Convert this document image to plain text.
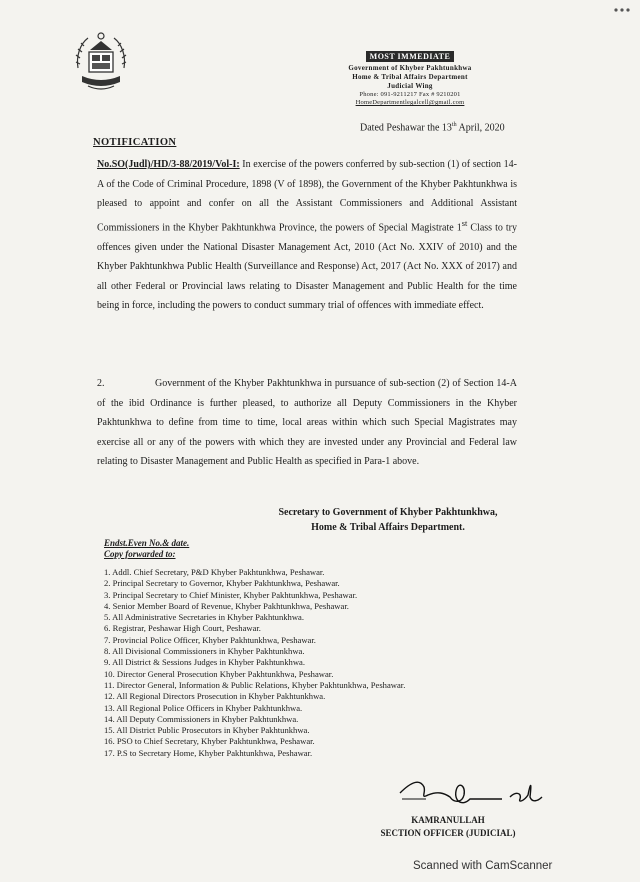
MOST IMMEDIATE
Government of Khyber Pakhtunkhwa
Home & Tribal Affairs Department
Judicial Wing
Phone: 091-9211217 Fax # 9210201
HomeDepartmentlegalcell@gmail.com
Dated Peshawar the 13th April, 2020
NOTIFICATION
No.SO(Judl)/HD/3-88/2019/Vol-I: In exercise of the powers conferred by sub-section (1) of section 14-A of the Code of Criminal Procedure, 1898 (V of 1898), the Government of the Khyber Pakhtunkhwa is pleased to appoint and confer on all the Assistant Commissioners and Additional Assistant Commissioners in the Khyber Pakhtunkhwa Province, the powers of Special Magistrate 1st Class to try offences given under the National Disaster Management Act, 2010 (Act No. XXIV of 2010) and the Khyber Pakhtunkhwa Public Health (Surveillance and Response) Act, 2017 (Act No. XXX of 2017) and all other Federal or Provincial laws relating to Disaster Management and Public Health for the time being in force, including the powers to conduct summary trial of offences with immediate effect.
2.	Government of the Khyber Pakhtunkhwa in pursuance of sub-section (2) of Section 14-A of the ibid Ordinance is further pleased, to authorize all Deputy Commissioners in the Khyber Pakhtunkhwa to define from time to time, local areas within which such Special Magistrates may exercise all or any of the powers with which they are invested under any Provincial and Federal law relating to Disaster Management and Public Health as specified in Para-1 above.
Secretary to Government of Khyber Pakhtunkhwa,
Home & Tribal Affairs Department.
Endst.Even No.& date.
Copy forwarded to:
1. Addl. Chief Secretary, P&D Khyber Pakhtunkhwa, Peshawar.
2. Principal Secretary to Governor, Khyber Pakhtunkhwa, Peshawar.
3. Principal Secretary to Chief Minister, Khyber Pakhtunkhwa, Peshawar.
4. Senior Member Board of Revenue, Khyber Pakhtunkhwa, Peshawar.
5. All Administrative Secretaries in Khyber Pakhtunkhwa.
6. Registrar, Peshawar High Court, Peshawar.
7. Provincial Police Officer, Khyber Pakhtunkhwa, Peshawar.
8. All Divisional Commissioners in Khyber Pakhtunkhwa.
9. All District & Sessions Judges in Khyber Pakhtunkhwa.
10. Director General Prosecution Khyber Pakhtunkhwa, Peshawar.
11. Director General, Information & Public Relations, Khyber Pakhtunkhwa, Peshawar.
12. All Regional Directors Prosecution in Khyber Pakhtunkhwa.
13. All Regional Police Officers in Khyber Pakhtunkhwa.
14. All Deputy Commissioners in Khyber Pakhtunkhwa.
15. All District Public Prosecutors in Khyber Pakhtunkhwa.
16. PSO to Chief Secretary, Khyber Pakhtunkhwa, Peshawar.
17. P.S to Secretary Home, Khyber Pakhtunkhwa, Peshawar.
KAMRANULLAH
SECTION OFFICER (JUDICIAL)
Scanned with CamScanner
